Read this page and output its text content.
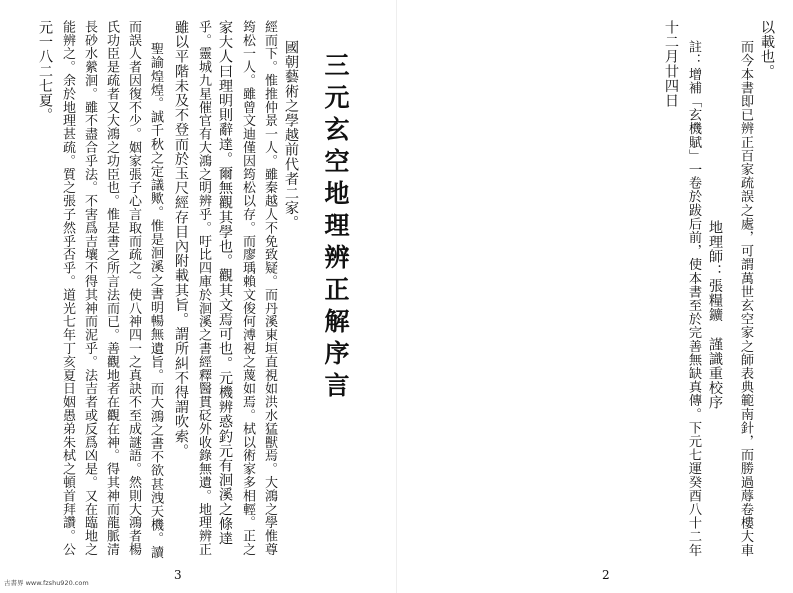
三元玄空地理辨正解序言
國朝藝術之學越前代者二家。
經而下。惟推仲景一人。雖秦越人不免致疑。而丹溪東垣直視如洪水猛獸焉。大鴻之學惟尊
筠松一人。雖曾文迪僅因筠松以存。而廖瑀賴文俊何溥視之蔑如焉。栻以術家多相輕。正之
家大人曰理明則辭達。爾無觀其學也。觀其文焉可也。元機辨惑釣元有洄溪之條達
乎。靈城九星催官有大鴻之明辨乎。吁比四庫於洄溪之書經釋醫貫砭外收錄無遺。地理辨正
雖以平階未及不登而於玉尺經存目內附載其旨。謂所糾不得謂吹索。
聖諭煌煌。誠千秋之定議歟。惟是洄溪之書明暢無遺旨。而大鴻之書不欲甚洩天機。讀
而誤人者因復不少。姻家張子心言取而疏之。使八神四一之真訣不至成謎語。然則大鴻者楊
氏功臣是疏者又大鴻之功臣也。惟是書之所言法而已。善觀地者在觀在神。得其神而龍脈清
長砂水縈洄。雖不盡合乎法。不害爲吉壤不得其神而泥乎。法吉者或反爲凶是。又在臨地之
能辨之。余於地理甚疏。質之張子然乎否乎。道光七年丁亥夏日姻愚弟朱栻之頓首拜讚。公
元一八二七夏。
3
古書界 www.fzshu920.com
以載也。
而今本書即已辨正百家疏誤之處，可謂萬世玄空家之師表典範南針，而勝過蓐卷樓大車
地理師：張糧鑛　謹識重校序
註：增補「玄機賦」一卷於跋后前，使本書至於完善無缺真傳。下元七運癸酉八十二年
十二月廿四日
2
